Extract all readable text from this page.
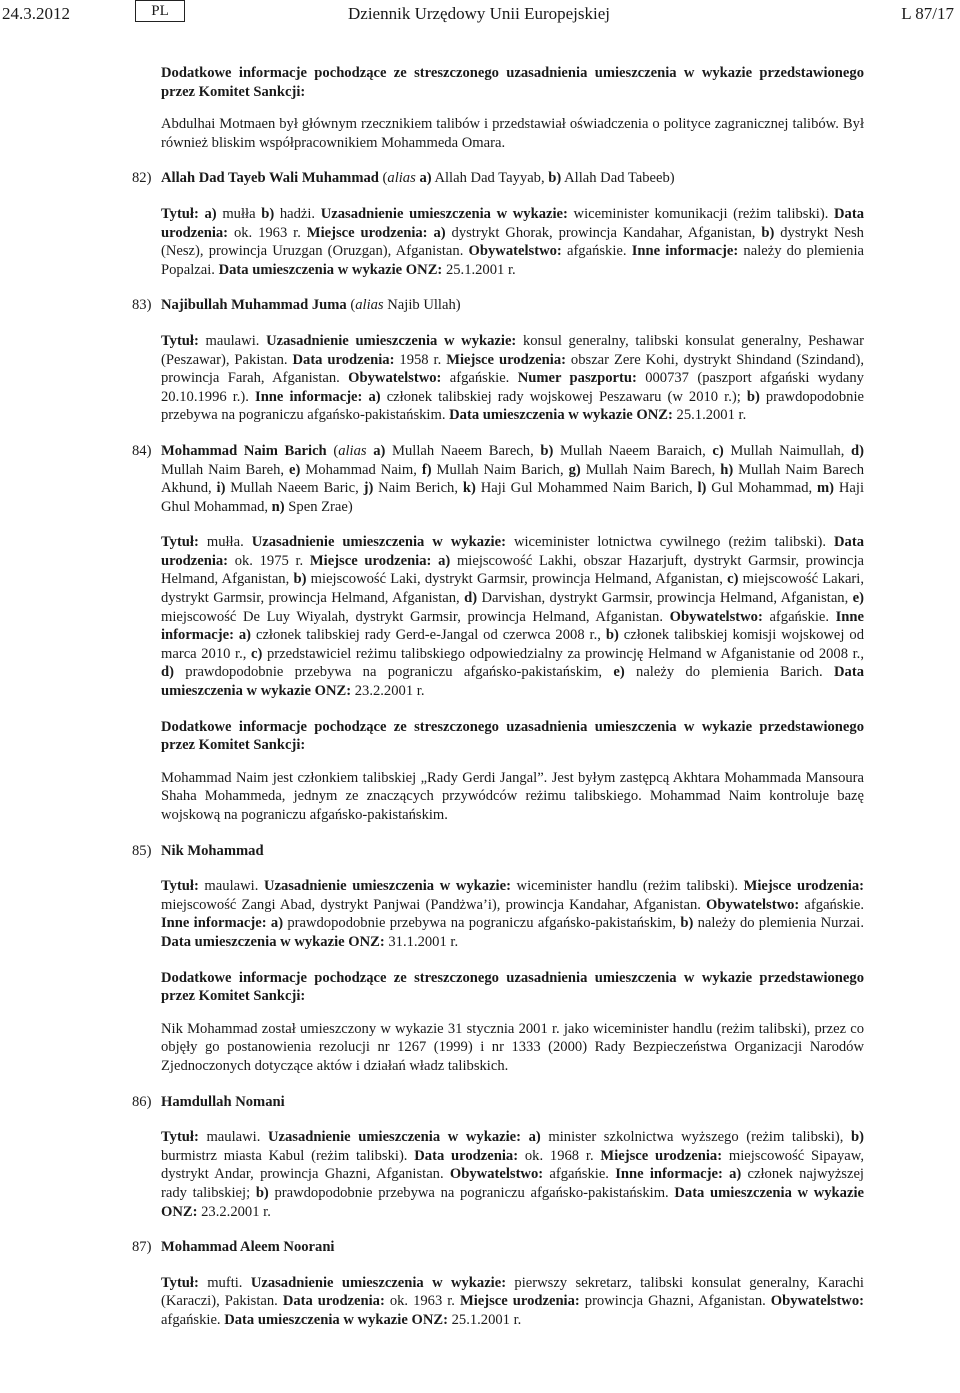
24.3.2012	PL	Dziennik Urzędowy Unii Europejskiej	L 87/17

Dodatkowe informacje pochodzące ze streszczonego uzasadnienia umieszczenia w wykazie przedstawionego przez Komitet Sankcji:

Abdulhai Motmaen był głównym rzecznikiem talibów i przedstawiał oświadczenia o polityce zagranicznej talibów. Był również bliskim współpracownikiem Mohammeda Omara.

82) Allah Dad Tayeb Wali Muhammad (alias a) Allah Dad Tayyab, b) Allah Dad Tabeeb)

Tytuł: a) mułła b) hadżi. Uzasadnienie umieszczenia w wykazie: wiceminister komunikacji (reżim talibski). Data urodzenia: ok. 1963 r. Miejsce urodzenia: a) dystrykt Ghorak, prowincja Kandahar, Afganistan, b) dystrykt Nesh (Nesz), prowincja Uruzgan (Oruzgan), Afganistan. Obywatelstwo: afgańskie. Inne informacje: należy do plemienia Popalzai. Data umieszczenia w wykazie ONZ: 25.1.2001 r.

83) Najibullah Muhammad Juma (alias Najib Ullah)

Tytuł: maulawi. Uzasadnienie umieszczenia w wykazie: konsul generalny, talibski konsulat generalny, Peshawar (Peszawar), Pakistan. Data urodzenia: 1958 r. Miejsce urodzenia: obszar Zere Kohi, dystrykt Shindand (Szindand), prowincja Farah, Afganistan. Obywatelstwo: afgańskie. Numer paszportu: 000737 (paszport afgański wydany 20.10.1996 r.). Inne informacje: a) członek talibskiej rady wojskowej Peszawaru (w 2010 r.); b) prawdopodobnie przebywa na pograniczu afgańsko-pakistańskim. Data umieszczenia w wykazie ONZ: 25.1.2001 r.

84) Mohammad Naim Barich (alias a) Mullah Naeem Barech, b) Mullah Naeem Baraich, c) Mullah Naimullah, d) Mullah Naim Bareh, e) Mohammad Naim, f) Mullah Naim Barich, g) Mullah Naim Barech, h) Mullah Naim Barech Akhund, i) Mullah Naeem Baric, j) Naim Berich, k) Haji Gul Mohammed Naim Barich, l) Gul Mohammad, m) Haji Ghul Mohammad, n) Spen Zrae)

Tytuł: mułła. Uzasadnienie umieszczenia w wykazie: wiceminister lotnictwa cywilnego (reżim talibski). Data urodzenia: ok. 1975 r. Miejsce urodzenia: a) miejscowość Lakhi, obszar Hazarjuft, dystrykt Garmsir, prowincja Helmand, Afganistan, b) miejscowość Laki, dystrykt Garmsir, prowincja Helmand, Afganistan, c) miejscowość Lakari, dystrykt Garmsir, prowincja Helmand, Afganistan, d) Darvishan, dystrykt Garmsir, prowincja Helmand, Afganistan, e) miejscowość De Luy Wiyalah, dystrykt Garmsir, prowincja Helmand, Afganistan. Obywatelstwo: afgańskie. Inne informacje: a) członek talibskiej rady Gerd-e-Jangal od czerwca 2008 r., b) członek talibskiej komisji wojskowej od marca 2010 r., c) przedstawiciel reżimu talibskiego odpowiedzialny za prowincję Helmand w Afganistanie od 2008 r., d) prawdopodobnie przebywa na pograniczu afgańsko-pakistańskim, e) należy do plemienia Barich. Data umieszczenia w wykazie ONZ: 23.2.2001 r.

Dodatkowe informacje pochodzące ze streszczonego uzasadnienia umieszczenia w wykazie przedstawionego przez Komitet Sankcji:

Mohammad Naim jest członkiem talibskiej „Rady Gerdi Jangal”. Jest byłym zastępcą Akhtara Mohammada Mansoura Shaha Mohammeda, jednym ze znaczących przywódców reżimu talibskiego. Mohammad Naim kontroluje bazę wojskową na pograniczu afgańsko-pakistańskim.

85) Nik Mohammad

Tytuł: maulawi. Uzasadnienie umieszczenia w wykazie: wiceminister handlu (reżim talibski). Miejsce urodzenia: miejscowość Zangi Abad, dystrykt Panjwai (Pandżwa’i), prowincja Kandahar, Afganistan. Obywatelstwo: afgańskie. Inne informacje: a) prawdopodobnie przebywa na pograniczu afgańsko-pakistańskim, b) należy do plemienia Nurzai. Data umieszczenia w wykazie ONZ: 31.1.2001 r.

Dodatkowe informacje pochodzące ze streszczonego uzasadnienia umieszczenia w wykazie przedstawionego przez Komitet Sankcji:

Nik Mohammad został umieszczony w wykazie 31 stycznia 2001 r. jako wiceminister handlu (reżim talibski), przez co objęły go postanowienia rezolucji nr 1267 (1999) i nr 1333 (2000) Rady Bezpieczeństwa Organizacji Narodów Zjednoczonych dotyczące aktów i działań władz talibskich.

86) Hamdullah Nomani

Tytuł: maulawi. Uzasadnienie umieszczenia w wykazie: a) minister szkolnictwa wyższego (reżim talibski), b) burmistrz miasta Kabul (reżim talibski). Data urodzenia: ok. 1968 r. Miejsce urodzenia: miejscowość Sipayaw, dystrykt Andar, prowincja Ghazni, Afganistan. Obywatelstwo: afgańskie. Inne informacje: a) członek najwyższej rady talibskiej; b) prawdopodobnie przebywa na pograniczu afgańsko-pakistańskim. Data umieszczenia w wykazie ONZ: 23.2.2001 r.

87) Mohammad Aleem Noorani

Tytuł: mufti. Uzasadnienie umieszczenia w wykazie: pierwszy sekretarz, talibski konsulat generalny, Karachi (Karaczi), Pakistan. Data urodzenia: ok. 1963 r. Miejsce urodzenia: prowincja Ghazni, Afganistan. Obywatelstwo: afgańskie. Data umieszczenia w wykazie ONZ: 25.1.2001 r.
